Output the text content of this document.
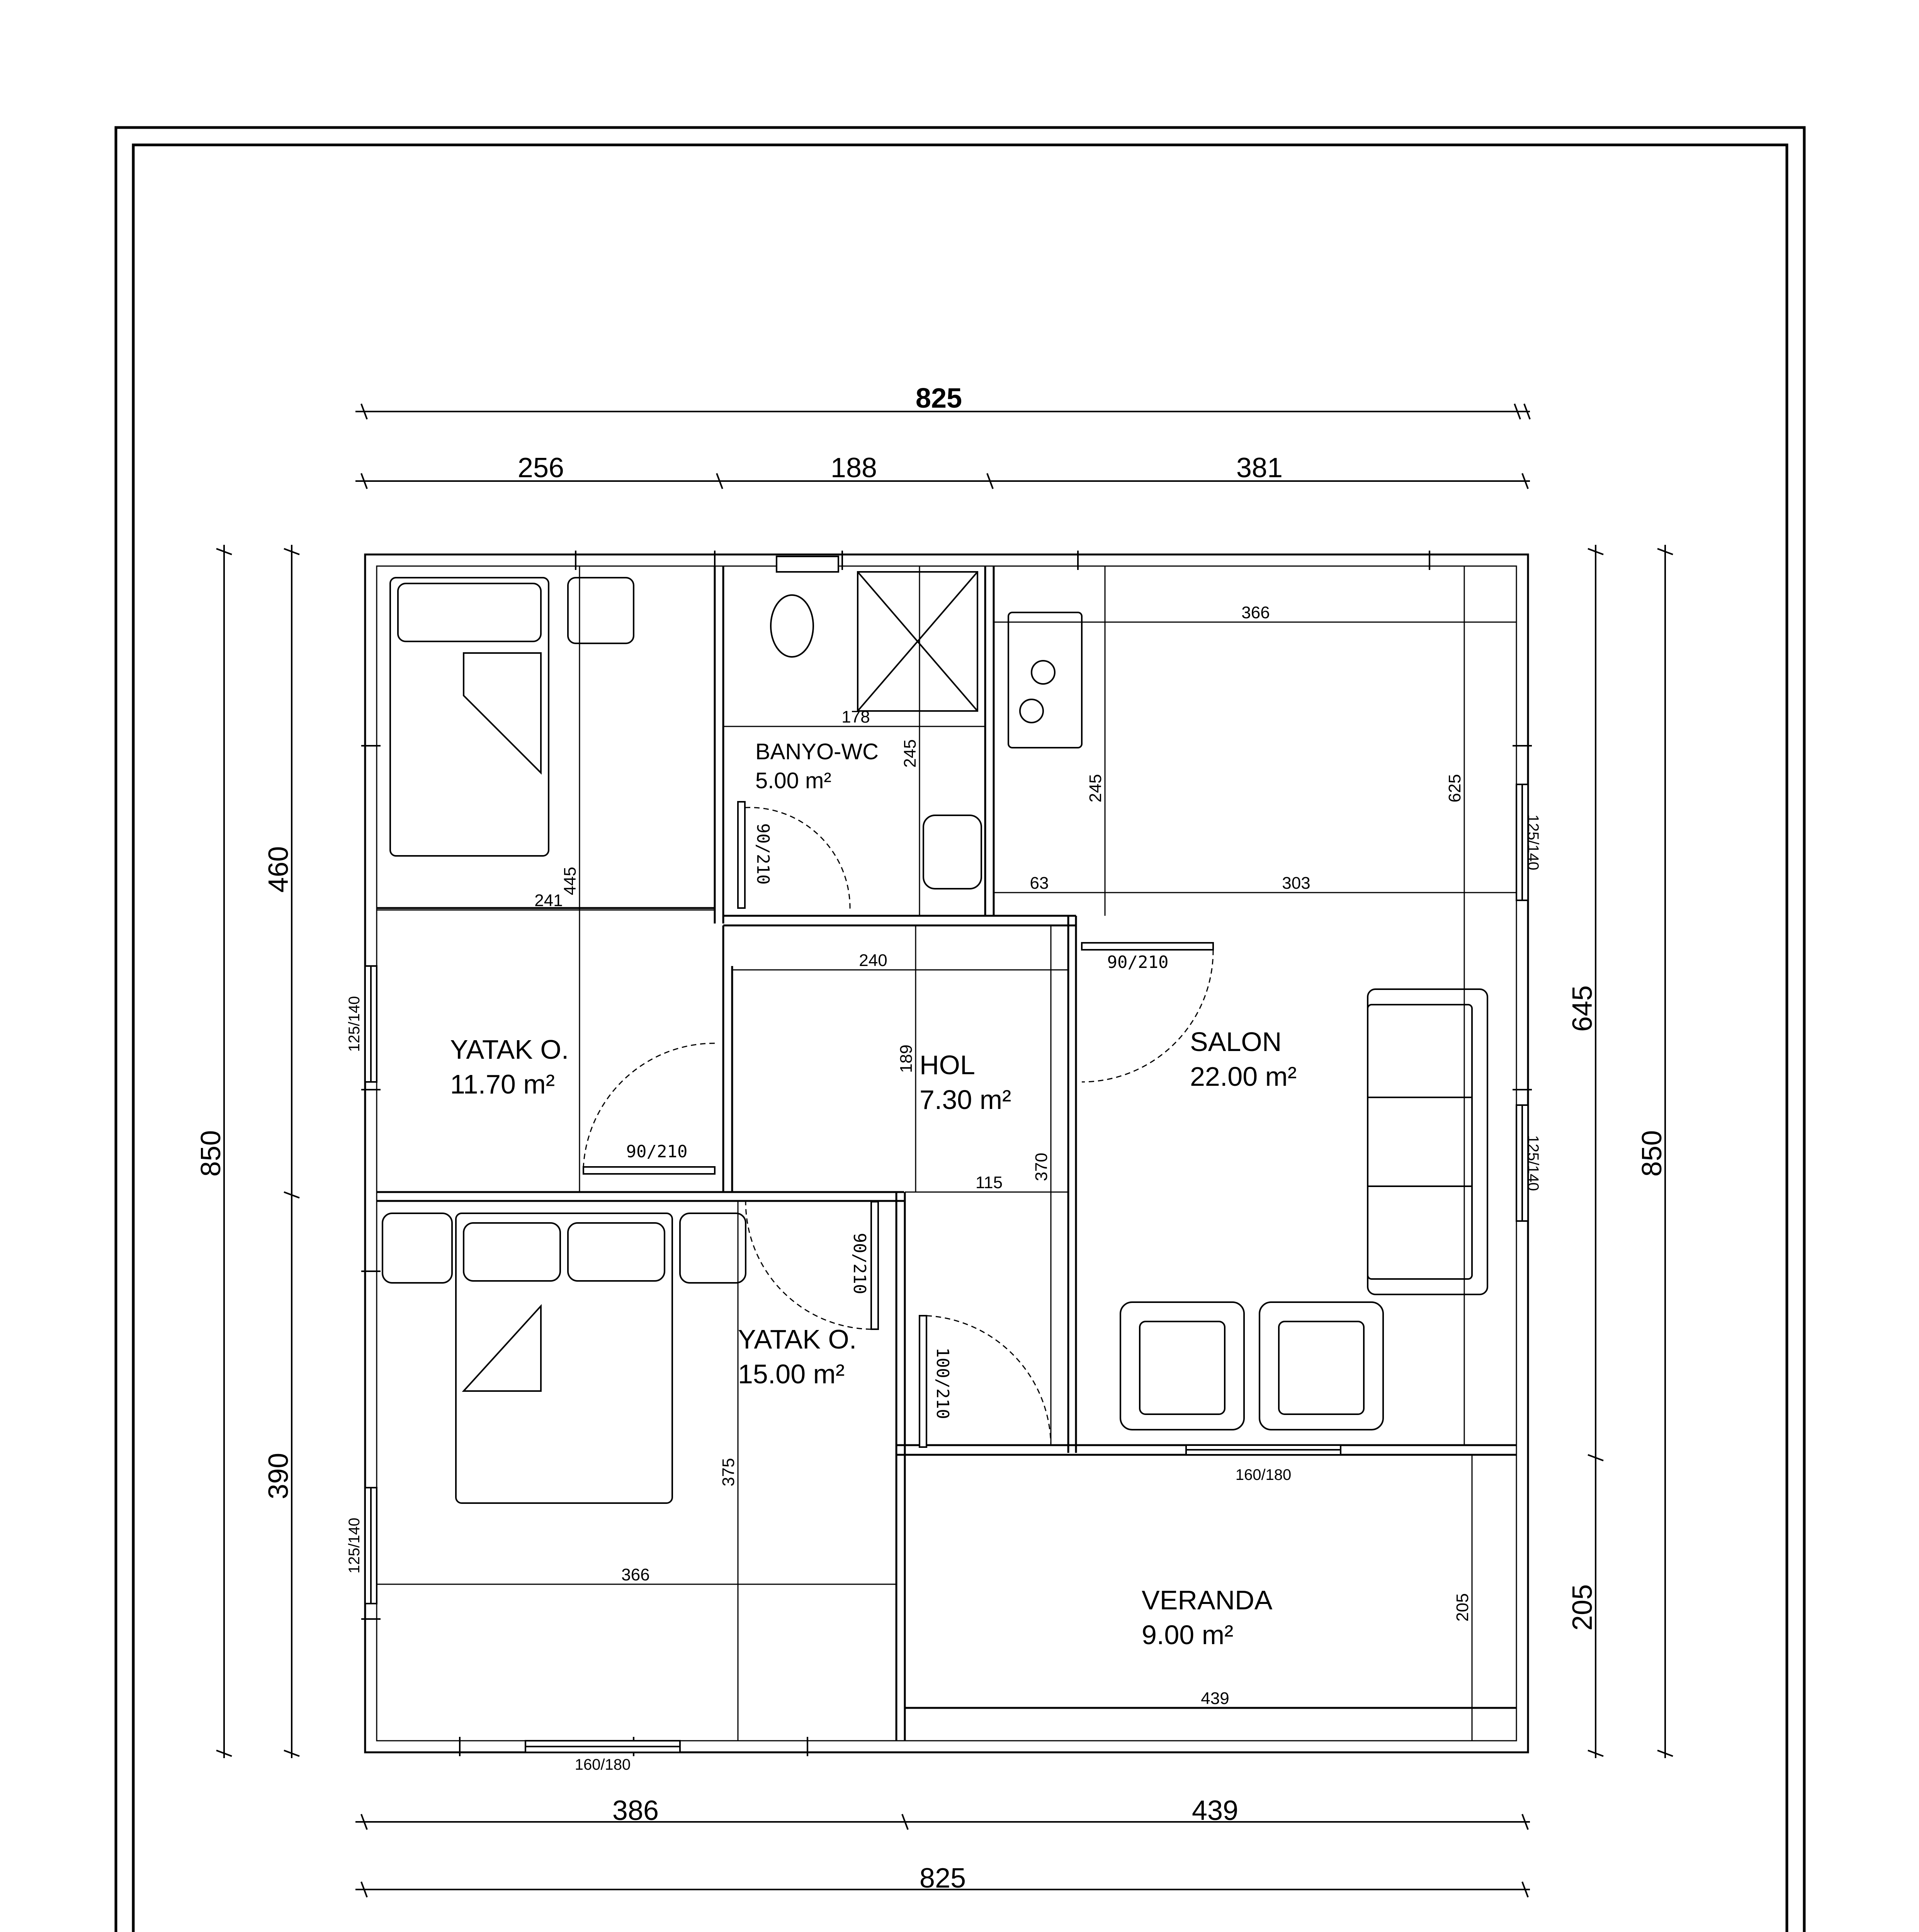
825
256	188	381
386	439
825
850
460
390
645
205
850
125/140
125/140
125/140
125/140
160/180
160/180
90/210
90/210
90/210
90/210
100/210
366
178
245
245	625
63	303
241
445
240
189
115
370
375
366
205
439
BANYO-WC
5.00 m²
YATAK O.
11.70 m²
HOL
7.30 m²
SALON
22.00 m²
YATAK O.
15.00 m²
VERANDA
9.00 m²
